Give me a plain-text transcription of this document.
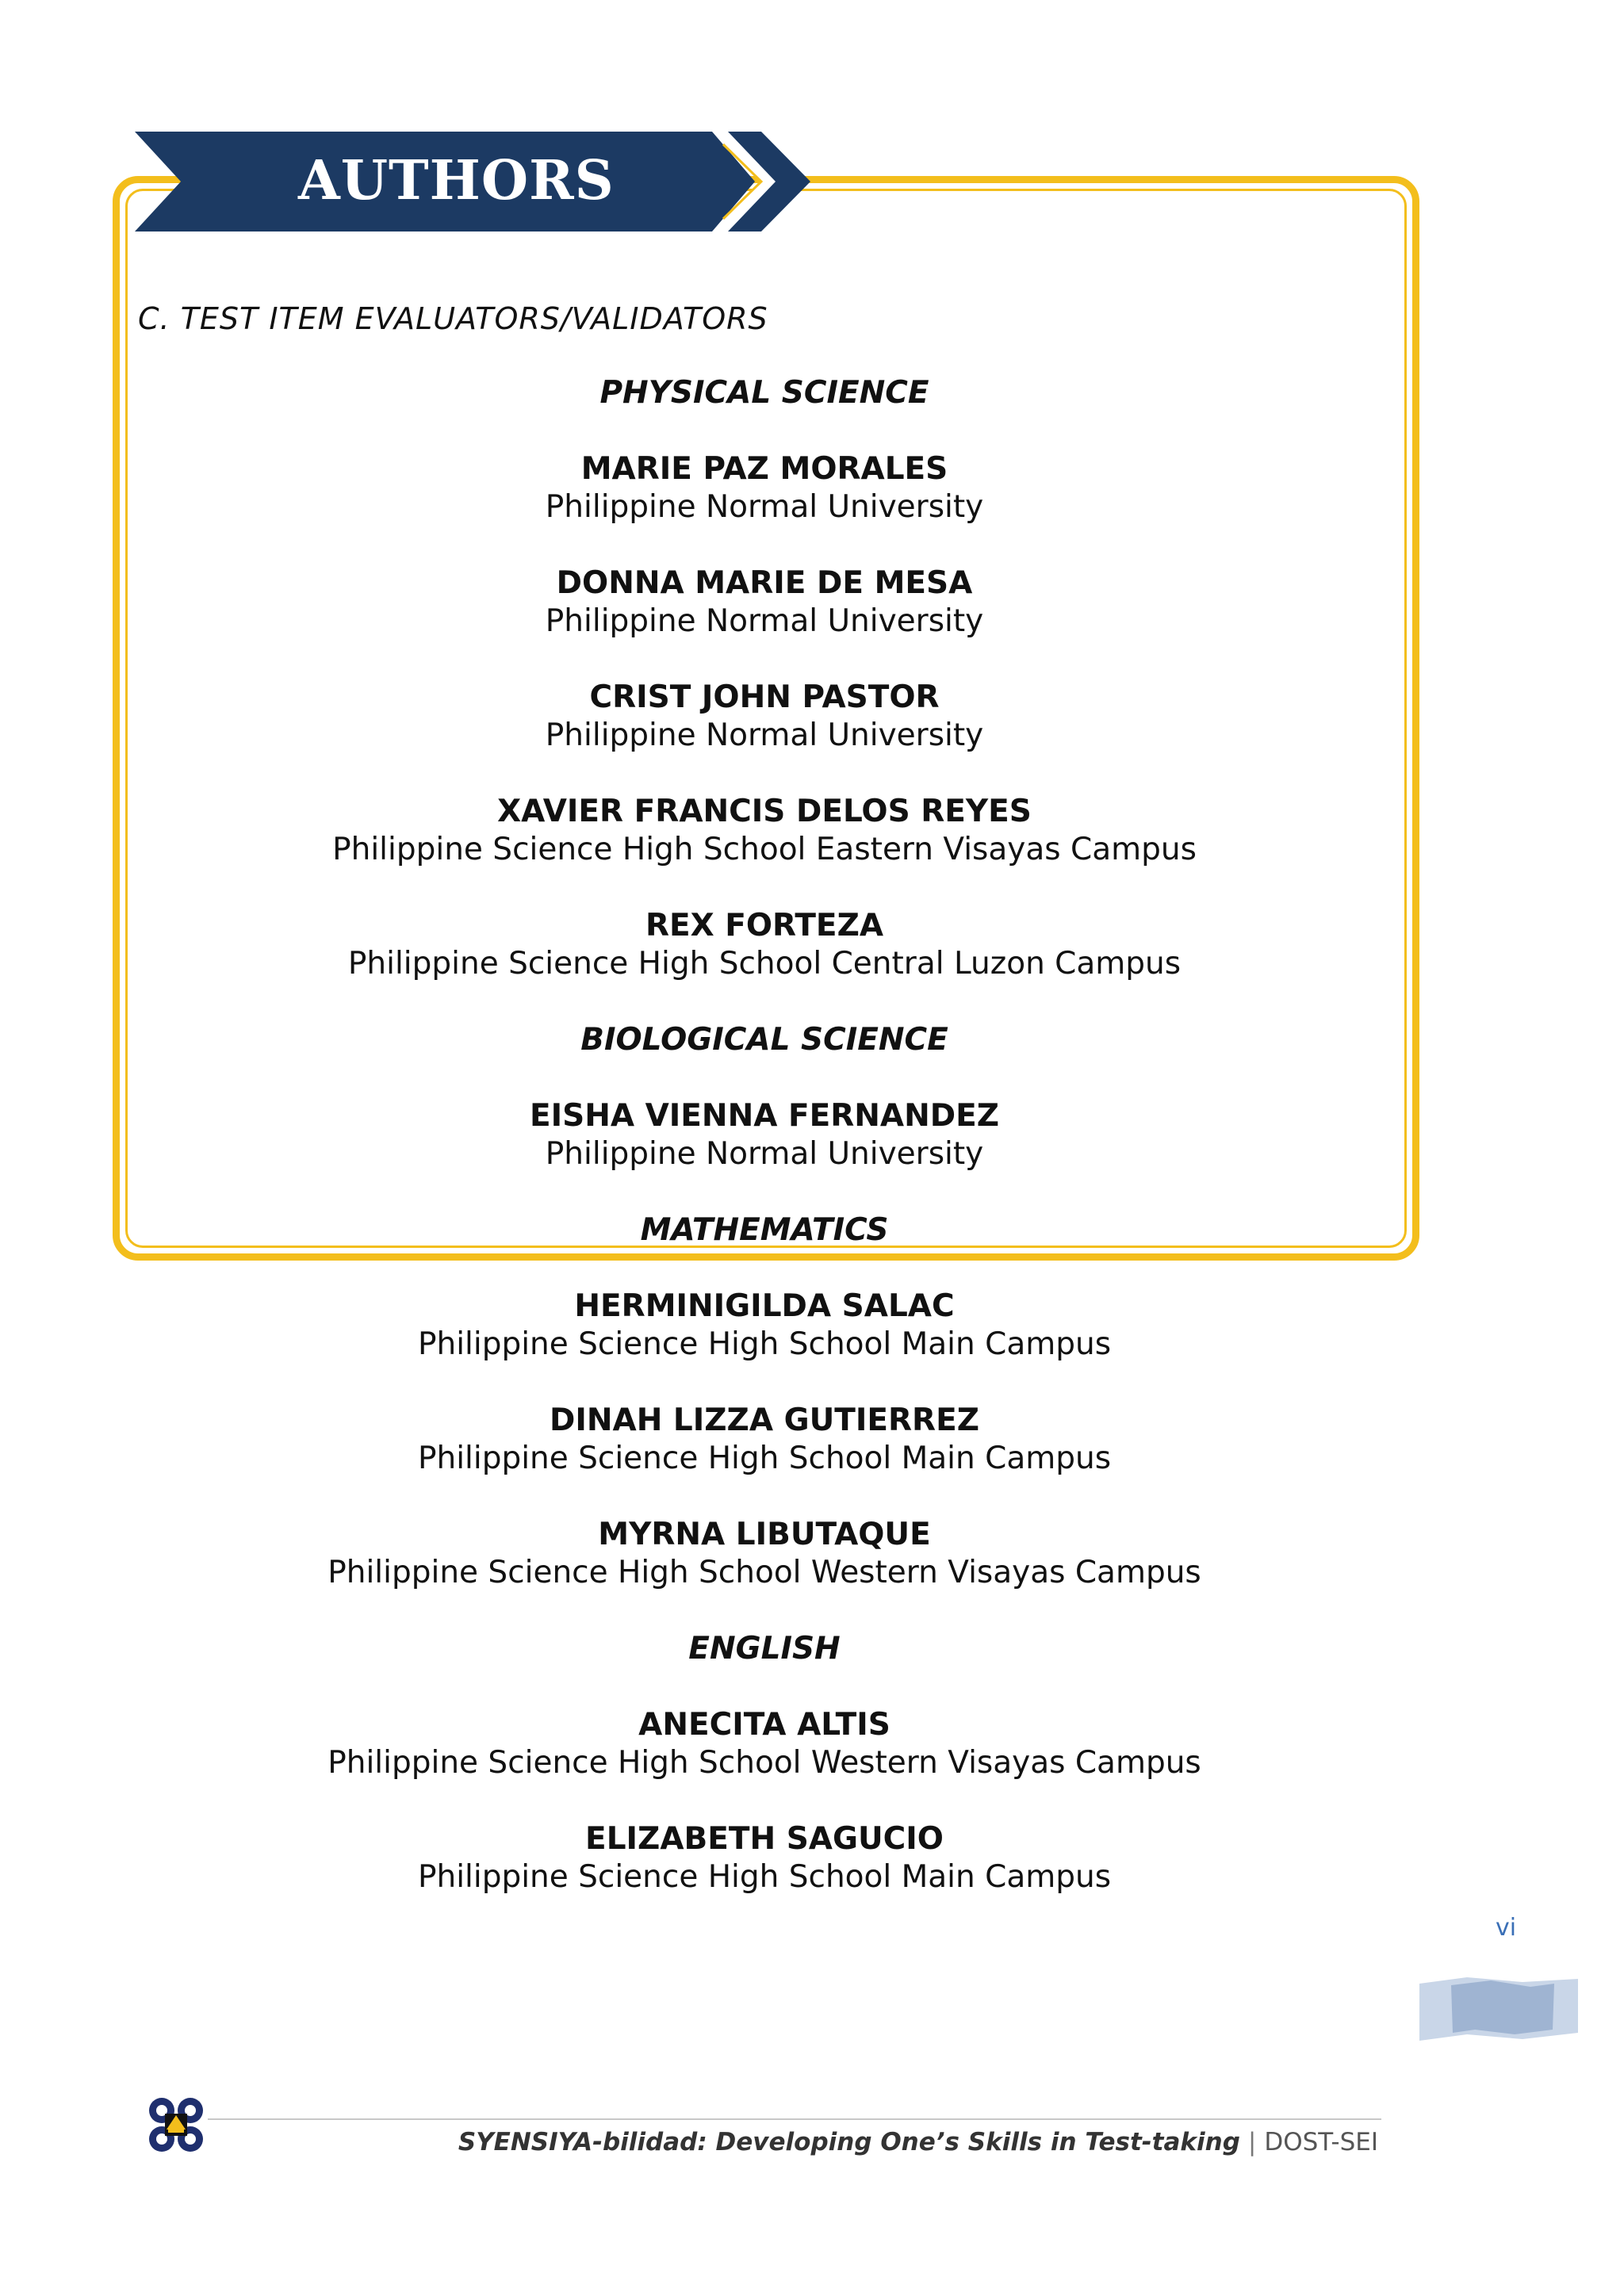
AUTHORS
C. TEST ITEM EVALUATORS/VALIDATORS
PHYSICAL SCIENCE
MARIE PAZ MORALES
Philippine Normal University
DONNA MARIE DE MESA
Philippine Normal University
CRIST JOHN PASTOR
Philippine Normal University
XAVIER FRANCIS DELOS REYES
Philippine Science High School Eastern Visayas Campus
REX FORTEZA
Philippine Science High School Central Luzon Campus
BIOLOGICAL SCIENCE
EISHA VIENNA FERNANDEZ
Philippine Normal University
MATHEMATICS
HERMINIGILDA SALAC
Philippine Science High School Main Campus
DINAH LIZZA GUTIERREZ
Philippine Science High School Main Campus
MYRNA LIBUTAQUE
Philippine Science High School Western Visayas Campus
ENGLISH
ANECITA ALTIS
Philippine Science High School Western Visayas Campus
ELIZABETH SAGUCIO
Philippine Science High School Main Campus
vi
SYENSIYA-bilidad: Developing One’s Skills in Test-taking | DOST-SEI
